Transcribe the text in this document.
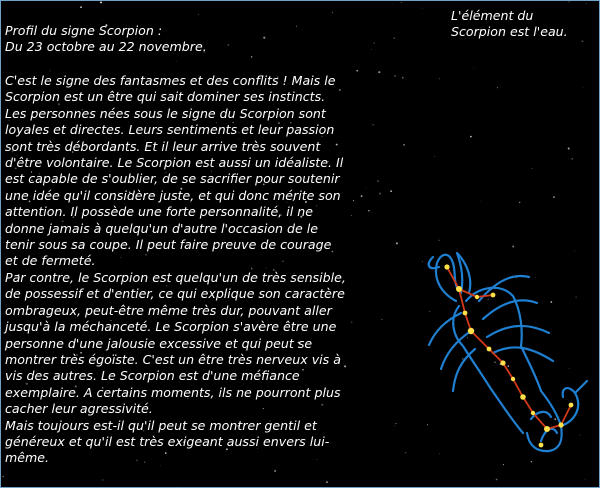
Profil du signe Scorpion :
Du 23 octobre au 22 novembre.
L'élément du
Scorpion est l'eau.
C'est le signe des fantasmes et des conflits ! Mais le
Scorpion est un être qui sait dominer ses instincts.
Les personnes nées sous le signe du Scorpion sont
loyales et directes. Leurs sentiments et leur passion
sont très débordants. Et il leur arrive très souvent
d'être volontaire. Le Scorpion est aussi un idéaliste. Il
est capable de s'oublier, de se sacrifier pour soutenir
une idée qu'il considère juste, et qui donc mérite son
attention. Il possède une forte personnalité, il ne
donne jamais à quelqu'un d'autre l'occasion de le
tenir sous sa coupe. Il peut faire preuve de courage
et de fermeté.
Par contre, le Scorpion est quelqu'un de très sensible,
de possessif et d'entier, ce qui explique son caractère
ombrageux, peut-être même très dur, pouvant aller
jusqu'à la méchanceté. Le Scorpion s'avère être une
personne d'une jalousie excessive et qui peut se
montrer très égoïste. C'est un être très nerveux vis à
vis des autres. Le Scorpion est d'une méfiance
exemplaire. A certains moments, ils ne pourront plus
cacher leur agressivité.
Mais toujours est-il qu'il peut se montrer gentil et
généreux et qu'il est très exigeant aussi envers lui-
même.
